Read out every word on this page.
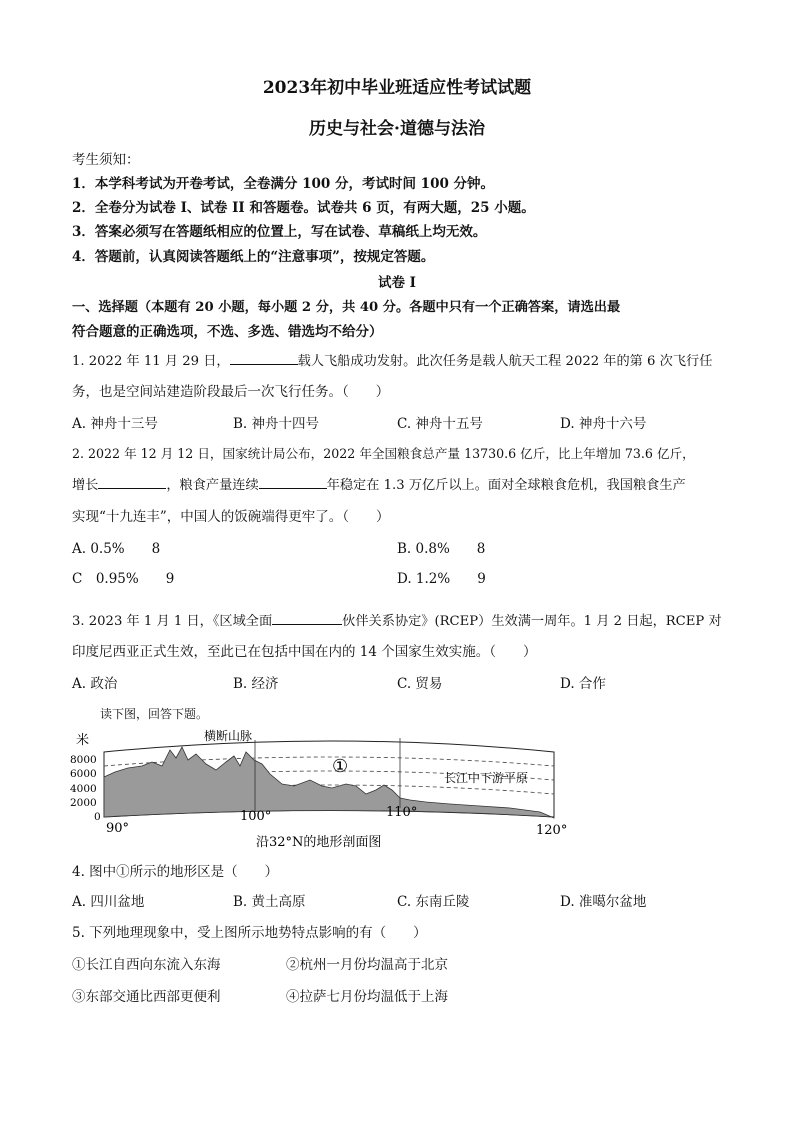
2023年初中毕业班适应性考试试题
历史与社会·道德与法治
考生须知：
1．本学科考试为开卷考试，全卷满分 100 分，考试时间 100 分钟。
2．全卷分为试卷 I、试卷 II 和答题卷。试卷共 6 页，有两大题，25 小题。
3．答案必须写在答题纸相应的位置上，写在试卷、草稿纸上均无效。
4．答题前，认真阅读答题纸上的“注意事项”，按规定答题。
试卷 I
一、选择题（本题有 20 小题，每小题 2 分，共 40 分。各题中只有一个正确答案，请选出最
符合题意的正确选项，不选、多选、错选均不给分）
1. 2022 年 11 月 29 日，	载人飞船成功发射。此次任务是载人航天工程 2022 年的第 6 次飞行任
务，也是空间站建造阶段最后一次飞行任务。（　　）
A. 神舟十三号	B. 神舟十四号	C. 神舟十五号	D. 神舟十六号
2. 2022 年 12 月 12 日，国家统计局公布，2022 年全国粮食总产量 13730.6 亿斤，比上年增加 73.6 亿斤，
增长	，粮食产量连续	年稳定在 1.3 万亿斤以上。面对全球粮食危机，我国粮食生产
实现“十九连丰”，中国人的饭碗端得更牢了。（　　）
A. 0.5%　　8	B. 0.8%　　8
C　0.95%　　9	D. 1.2%　　9
3. 2023 年 1 月 1 日，《区域全面	伙伴关系协定》(RCEP）生效满一周年。1 月 2 日起，RCEP 对
印度尼西亚正式生效，至此已在包括中国在内的 14 个国家生效实施。（　　）
A. 政治	B. 经济	C. 贸易	D. 合作
读下图，回答下题。
米
8000
6000
4000
2000
0
横断山脉
①
长江中下游平原
90°
100°	110°
120°
沿32°N的地形剖面图
4. 图中①所示的地形区是（　　）
A. 四川盆地	B. 黄土高原	C. 东南丘陵	D. 准噶尔盆地
5. 下列地理现象中，受上图所示地势特点影响的有（　　）
①长江自西向东流入东海	②杭州一月份均温高于北京
③东部交通比西部更便利	④拉萨七月份均温低于上海
